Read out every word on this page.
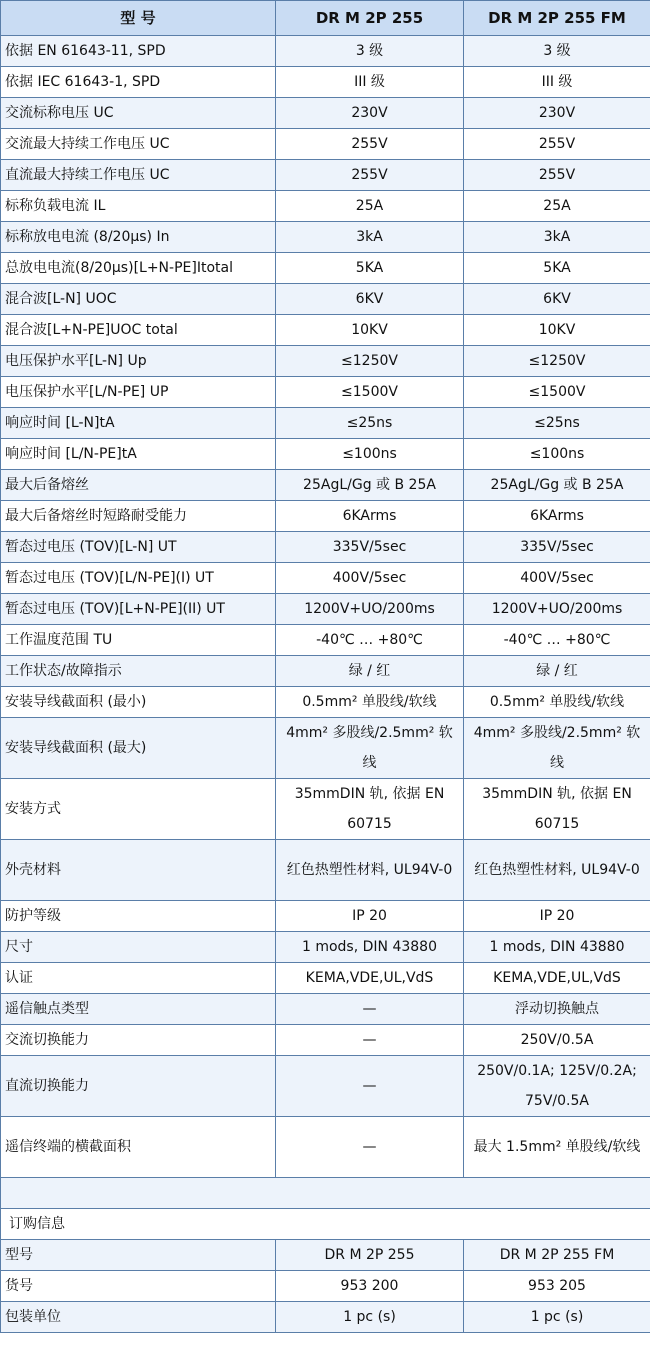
型 号	DR M 2P 255	DR M 2P 255 FM
依据 EN 61643-11, SPD	3 级	3 级
依据 IEC 61643-1, SPD	III 级	III 级
交流标称电压 UC	230V	230V
交流最大持续工作电压 UC	255V	255V
直流最大持续工作电压 UC	255V	255V
标称负载电流 IL	25A	25A
标称放电电流 (8/20μs) In	3kA	3kA
总放电电流(8/20μs)[L+N-PE]Itotal	5KA	5KA
混合波[L-N] UOC	6KV	6KV
混合波[L+N-PE]UOC total	10KV	10KV
电压保护水平[L-N] Up	≤1250V	≤1250V
电压保护水平[L/N-PE] UP	≤1500V	≤1500V
响应时间 [L-N]tA	≤25ns	≤25ns
响应时间 [L/N-PE]tA	≤100ns	≤100ns
最大后备熔丝	25AgL/Gg 或 B 25A	25AgL/Gg 或 B 25A
最大后备熔丝时短路耐受能力	6KArms	6KArms
暂态过电压 (TOV)[L-N] UT	335V/5sec	335V/5sec
暂态过电压 (TOV)[L/N-PE](I) UT	400V/5sec	400V/5sec
暂态过电压 (TOV)[L+N-PE](II) UT	1200V+UO/200ms	1200V+UO/200ms
工作温度范围 TU	-40℃ … +80℃	-40℃ … +80℃
工作状态/故障指示	绿 / 红	绿 / 红
安装导线截面积 (最小)	0.5mm² 单股线/软线	0.5mm² 单股线/软线
安装导线截面积 (最大)	4mm² 多股线/2.5mm² 软线	4mm² 多股线/2.5mm² 软线
安装方式	35mmDIN 轨, 依据 EN 60715	35mmDIN 轨, 依据 EN 60715
外壳材料	红色热塑性材料, UL94V-0	红色热塑性材料, UL94V-0
防护等级	IP 20	IP 20
尺寸	1 mods, DIN 43880	1 mods, DIN 43880
认证	KEMA,VDE,UL,VdS	KEMA,VDE,UL,VdS
遥信触点类型	—	浮动切换触点
交流切换能力	—	250V/0.5A
直流切换能力	—	250V/0.1A; 125V/0.2A; 75V/0.5A
遥信终端的横截面积	—	最大 1.5mm² 单股线/软线

订购信息		
型号	DR M 2P 255	DR M 2P 255 FM
货号	953 200	953 205
包装单位	1 pc (s)	1 pc (s)
